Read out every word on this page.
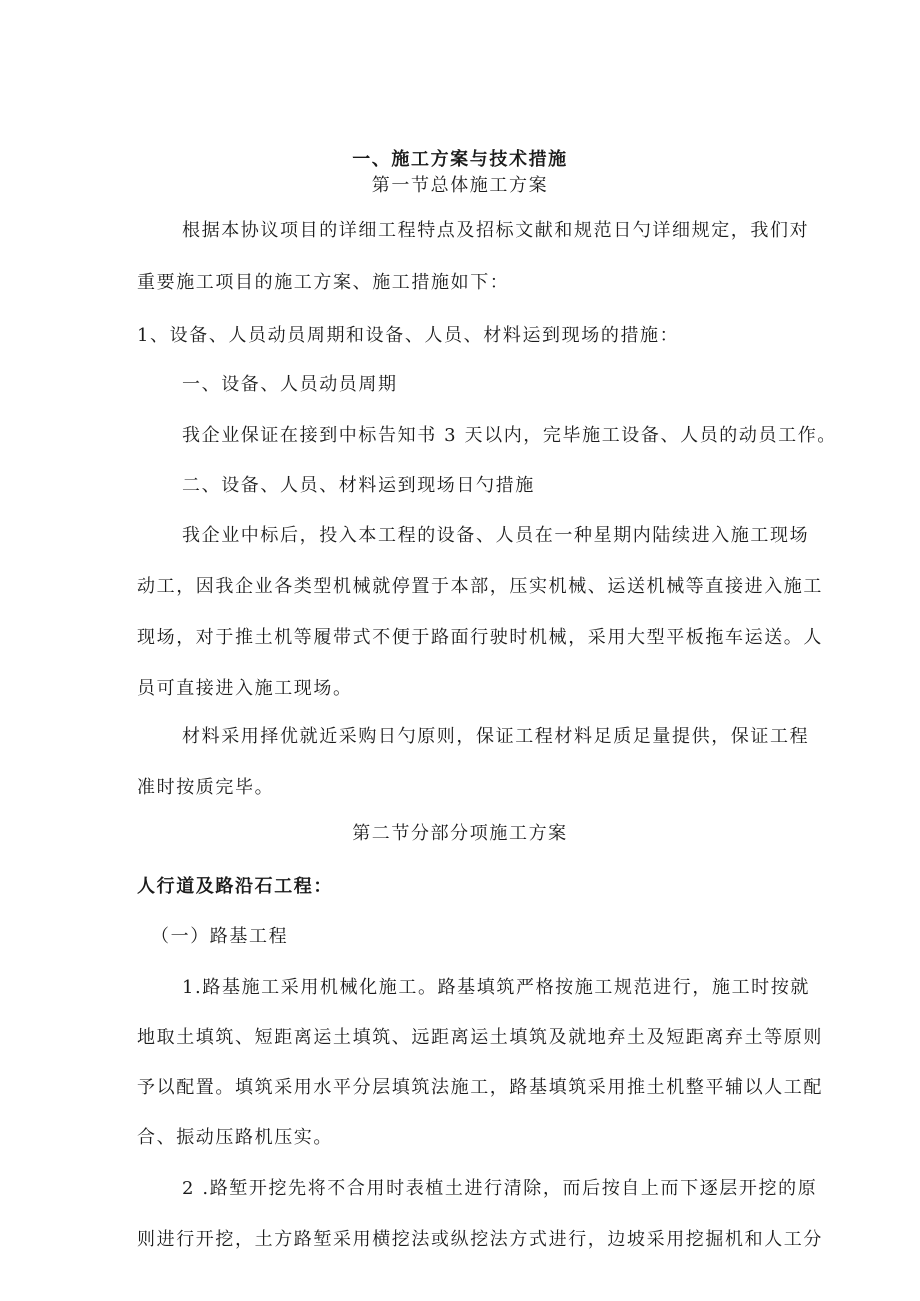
一、施工方案与技术措施
第一节总体施工方案
根据本协议项目的详细工程特点及招标文献和规范日勺详细规定，我们对
重要施工项目的施工方案、施工措施如下：
1、设备、人员动员周期和设备、人员、材料运到现场的措施：
一、设备、人员动员周期
我企业保证在接到中标告知书 3 天以内，完毕施工设备、人员的动员工作。
二、设备、人员、材料运到现场日勺措施
我企业中标后，投入本工程的设备、人员在一种星期内陆续进入施工现场
动工，因我企业各类型机械就停置于本部，压实机械、运送机械等直接进入施工
现场，对于推土机等履带式不便于路面行驶时机械，采用大型平板拖车运送。人
员可直接进入施工现场。
材料采用择优就近采购日勺原则，保证工程材料足质足量提供，保证工程
准时按质完毕。
第二节分部分项施工方案
人行道及路沿石工程：
（一）路基工程
1.路基施工采用机械化施工。路基填筑严格按施工规范进行，施工时按就
地取土填筑、短距离运土填筑、远距离运土填筑及就地弃土及短距离弃土等原则
予以配置。填筑采用水平分层填筑法施工，路基填筑采用推土机整平辅以人工配
合、振动压路机压实。
2 .路堑开挖先将不合用时表植土进行清除，而后按自上而下逐层开挖的原
则进行开挖，土方路堑采用横挖法或纵挖法方式进行，边坡采用挖掘机和人工分
